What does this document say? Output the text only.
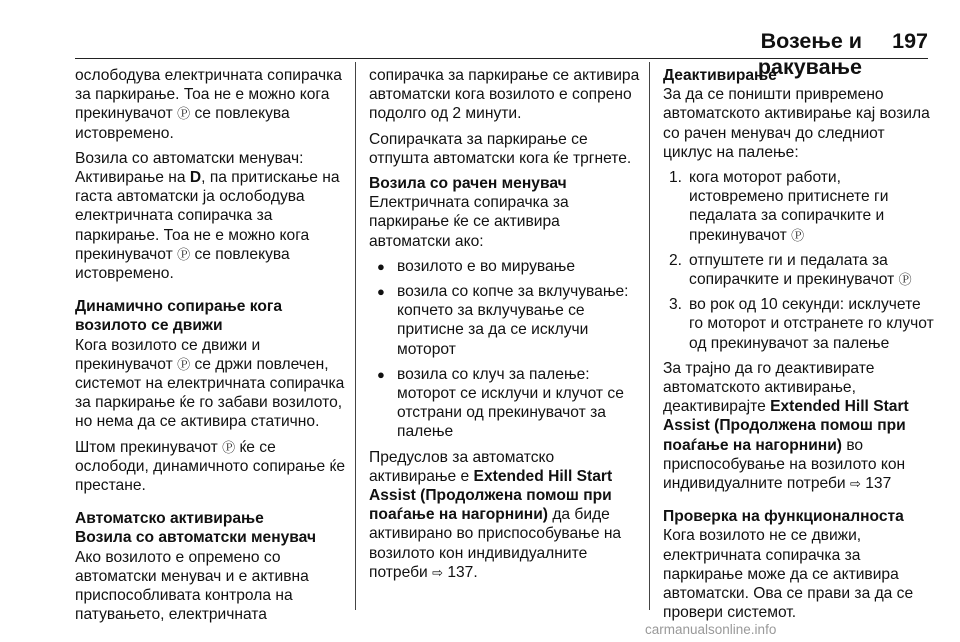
Возење и ракување
197

ослободува електричната сопирачка за паркирање. Тоа не е можно кога прекинувачот Ⓟ се повлекува истовремено.

Возила со автоматски менувач: Активирање на D, па притискање на гаста автоматски ја ослободува електричната сопирачка за паркирање. Тоа не е можно кога прекинувачот Ⓟ се повлекува истовремено.

Динамично сопирање кога возилото се движи

Кога возилото се движи и прекинувачот Ⓟ се држи повлечен, системот на електричната сопирачка за паркирање ќе го забави возилото, но нема да се активира статично.

Штом прекинувачот Ⓟ ќе се ослободи, динамичното сопирање ќе престане.

Автоматско активирање
Возила со автоматски менувач

Ако возилото е опремено со автоматски менувач и е активна приспособливата контрола на патувањето, електричната

сопирачка за паркирање се активира автоматски кога возилото е сопрено подолго од 2 минути.

Сопирачката за паркирање се отпушта автоматски кога ќе тргнете.

Возила со рачен менувач

Електричната сопирачка за паркирање ќе се активира автоматски ако:

● возилото е во мирување
● возила со копче за вклучување: копчето за вклучување се притисне за да се исклучи моторот
● возила со клуч за палење: моторот се исклучи и клучот се отстрани од прекинувачот за палење

Предуслов за автоматско активирање е Extended Hill Start Assist (Продолжена помош при поаѓање на нагорнини) да биде активирано во приспособување на возилото кон индивидуалните потреби ⇨ 137.

Деактивирање

За да се поништи привремено автоматското активирање кај возила со рачен менувач до следниот циклус на палење:

1. кога моторот работи, истовремено притиснете ги педалата за сопирачките и прекинувачот Ⓟ
2. отпуштете ги и педалата за сопирачките и прекинувачот Ⓟ
3. во рок од 10 секунди: исклучете го моторот и отстранете го клучот од прекинувачот за палење

За трајно да го деактивирате автоматското активирање, деактивирајте Extended Hill Start Assist (Продолжена помош при поаѓање на нагорнини) во приспособување на возилото кон индивидуалните потреби ⇨ 137

Проверка на функционалноста

Кога возилото не се движи, електричната сопирачка за паркирање може да се активира автоматски. Ова се прави за да се провери системот.

carmanualsonline.info
